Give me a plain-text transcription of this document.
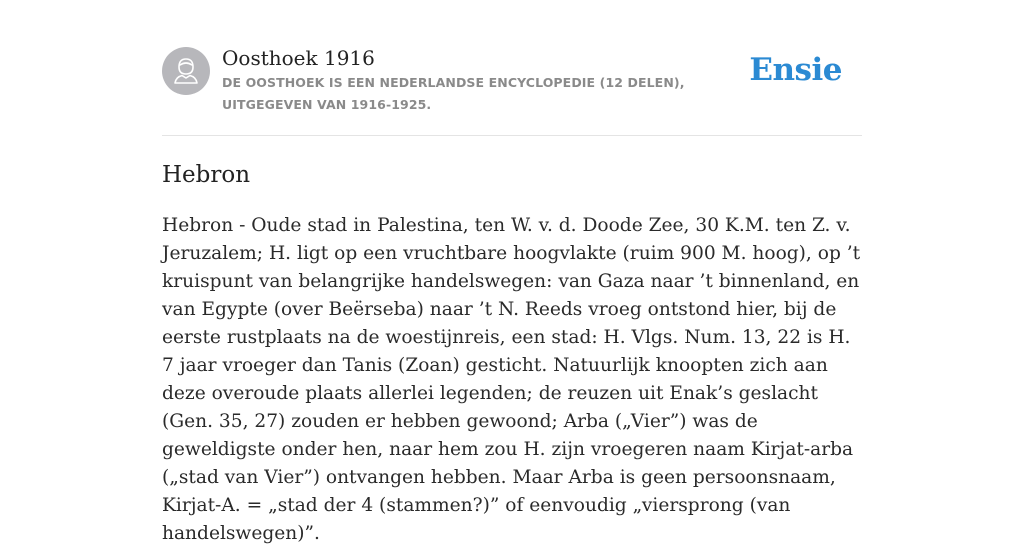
Oosthoek 1916
DE OOSTHOEK IS EEN NEDERLANDSE ENCYCLOPEDIE (12 DELEN), UITGEGEVEN VAN 1916-1925.
Ensie
Hebron

Hebron - Oude stad in Palestina, ten W. v. d. Doode Zee, 30 K.M. ten Z. v. Jeruzalem; H. ligt op een vruchtbare hoogvlakte (ruim 900 M. hoog), op ’t kruispunt van belangrijke handelswegen: van Gaza naar ’t binnenland, en van Egypte (over Beërseba) naar ’t N. Reeds vroeg ontstond hier, bij de eerste rustplaats na de woestijnreis, een stad: H. Vlgs. Num. 13, 22 is H. 7 jaar vroeger dan Tanis (Zoan) gesticht. Natuurlijk knoopten zich aan deze overoude plaats allerlei legenden; de reuzen uit Enak’s geslacht (Gen. 35, 27) zouden er hebben gewoond; Arba („Vier”) was de geweldigste onder hen, naar hem zou H. zijn vroegeren naam Kirjat-arba („stad van Vier”) ontvangen hebben. Maar Arba is geen persoonsnaam, Kirjat-A. = „stad der 4 (stammen?)” of eenvoudig „viersprong (van handelswegen)”.
